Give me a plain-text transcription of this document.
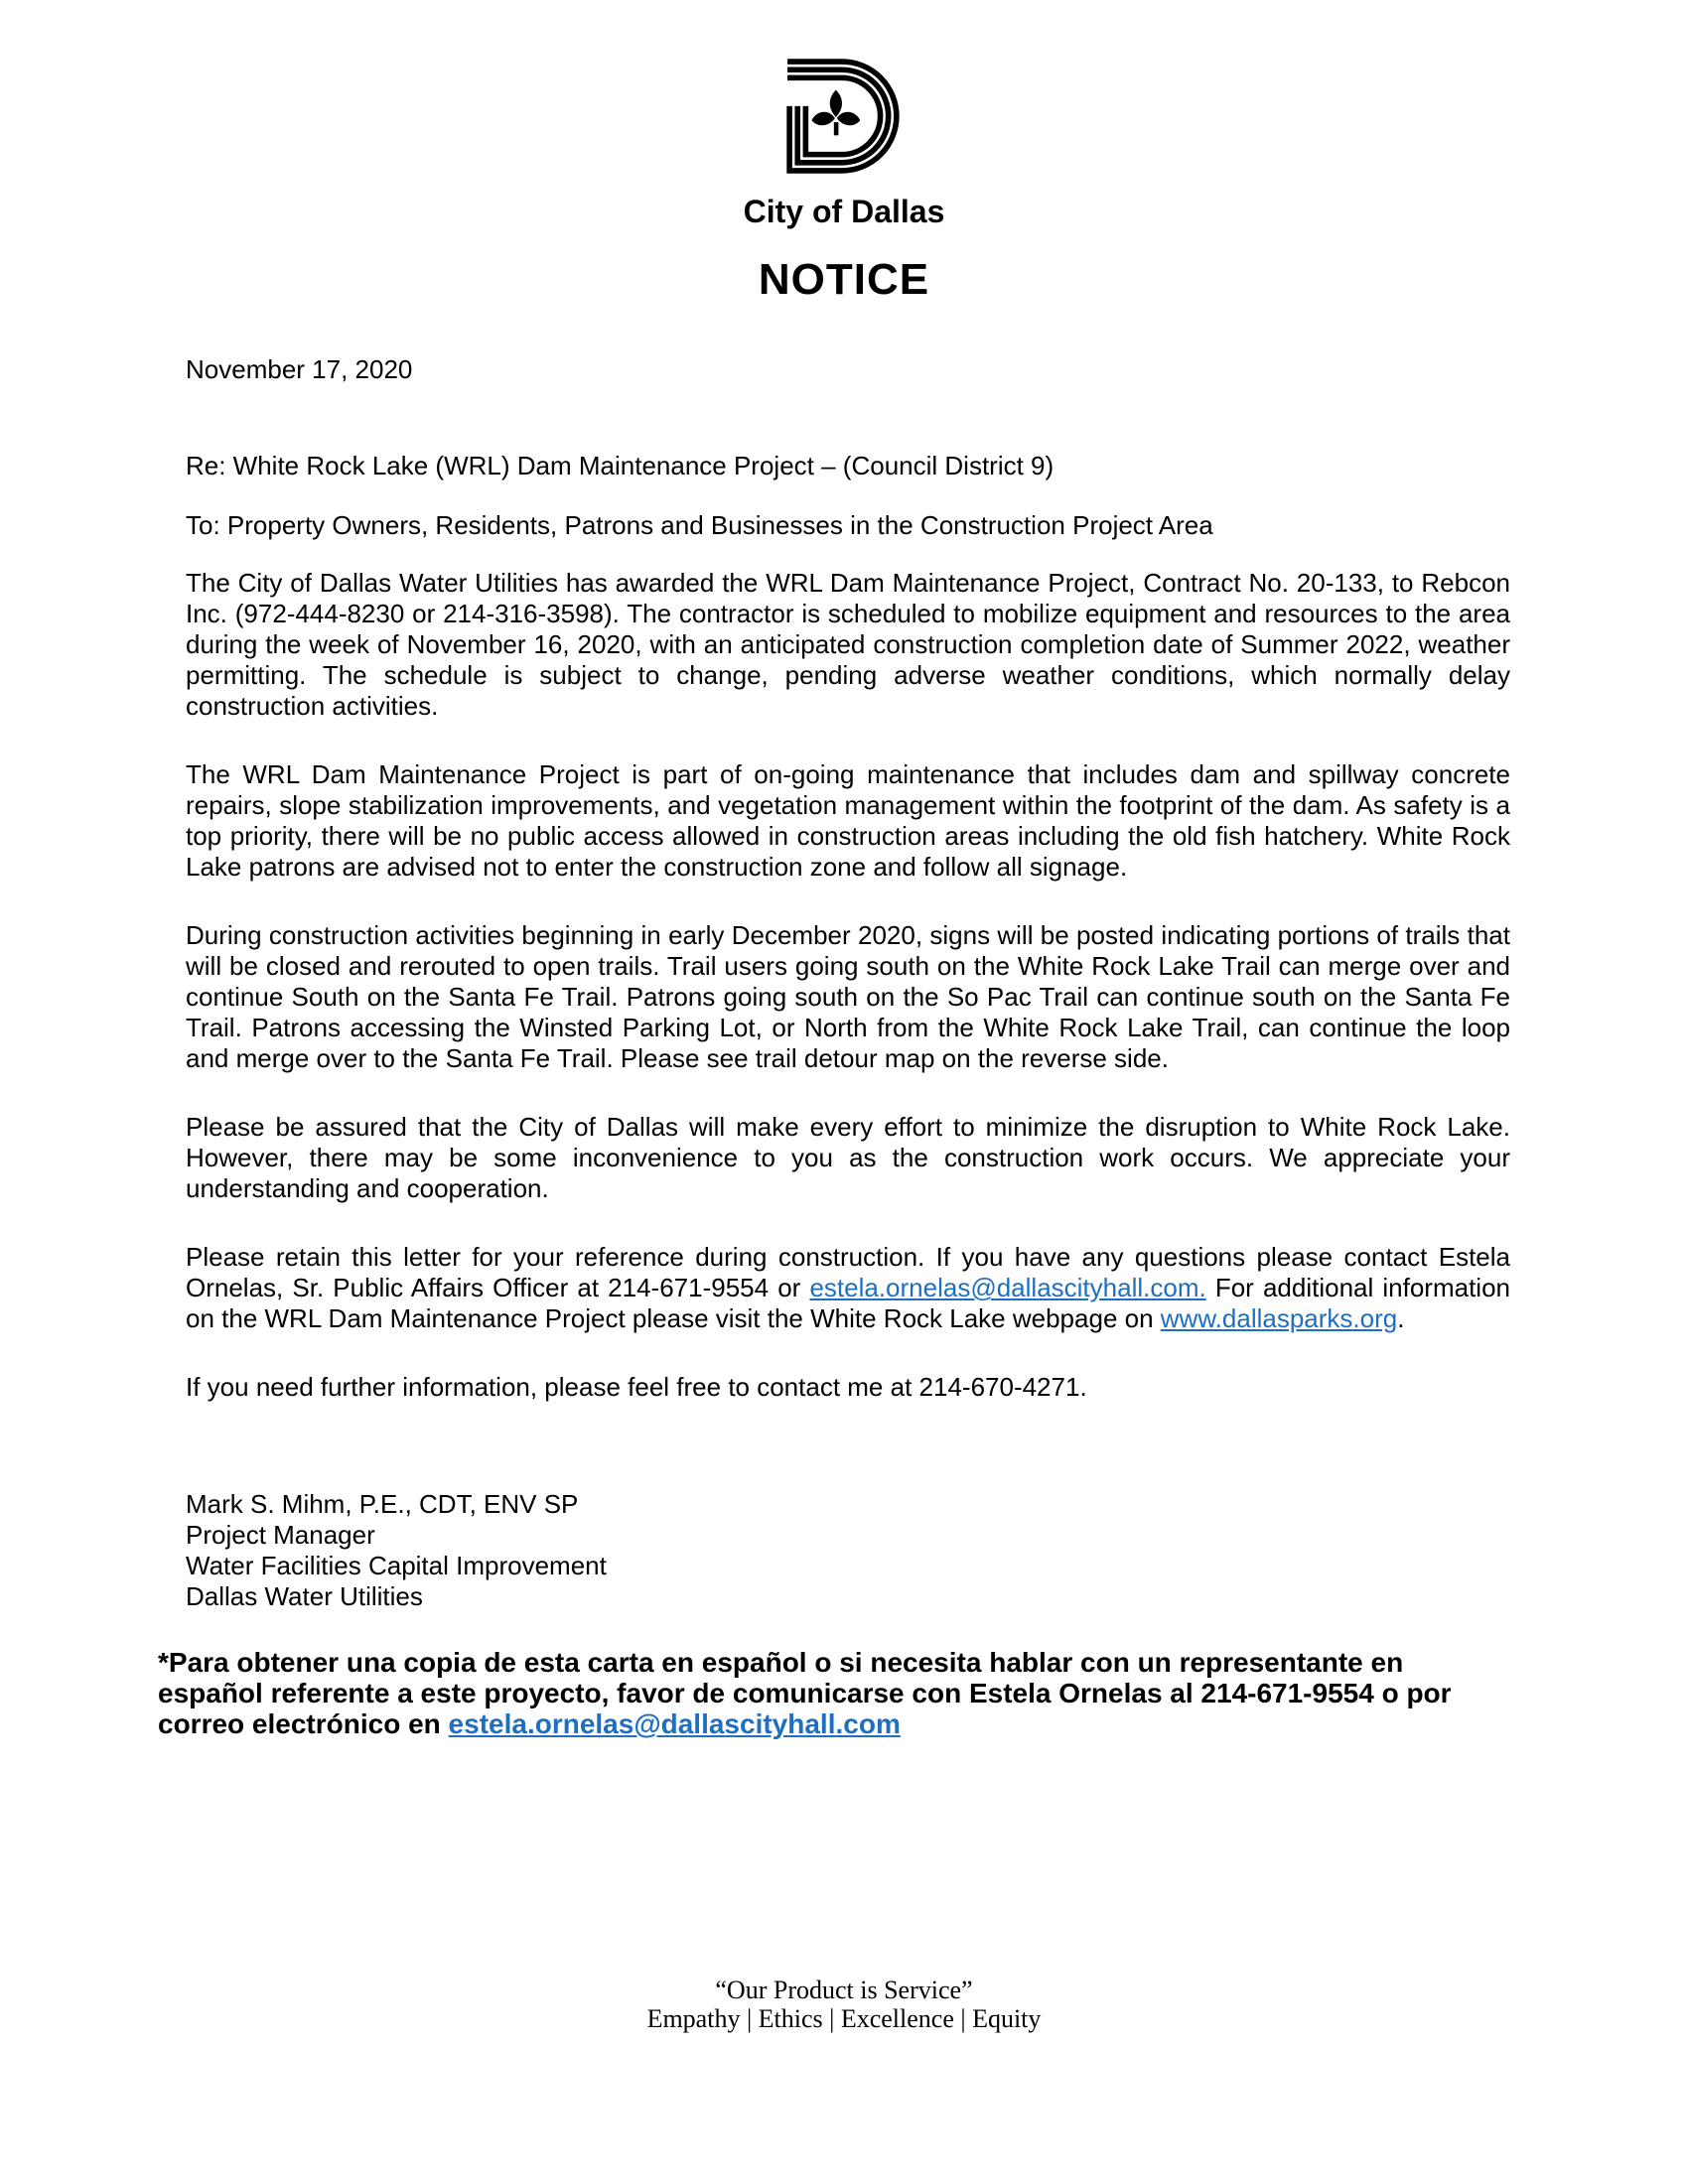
City of Dallas
NOTICE
November 17, 2020
Re: White Rock Lake (WRL) Dam Maintenance Project – (Council District 9)
To: Property Owners, Residents, Patrons and Businesses in the Construction Project Area

The City of Dallas Water Utilities has awarded the WRL Dam Maintenance Project, Contract No. 20-133, to Rebcon Inc. (972-444-8230 or 214-316-3598). The contractor is scheduled to mobilize equipment and resources to the area during the week of November 16, 2020, with an anticipated construction completion date of Summer 2022, weather permitting. The schedule is subject to change, pending adverse weather conditions, which normally delay construction activities.

The WRL Dam Maintenance Project is part of on-going maintenance that includes dam and spillway concrete repairs, slope stabilization improvements, and vegetation management within the footprint of the dam. As safety is a top priority, there will be no public access allowed in construction areas including the old fish hatchery. White Rock Lake patrons are advised not to enter the construction zone and follow all signage.

During construction activities beginning in early December 2020, signs will be posted indicating portions of trails that will be closed and rerouted to open trails. Trail users going south on the White Rock Lake Trail can merge over and continue South on the Santa Fe Trail. Patrons going south on the So Pac Trail can continue south on the Santa Fe Trail. Patrons accessing the Winsted Parking Lot, or North from the White Rock Lake Trail, can continue the loop and merge over to the Santa Fe Trail. Please see trail detour map on the reverse side.

Please be assured that the City of Dallas will make every effort to minimize the disruption to White Rock Lake. However, there may be some inconvenience to you as the construction work occurs. We appreciate your understanding and cooperation.

Please retain this letter for your reference during construction. If you have any questions please contact Estela Ornelas, Sr. Public Affairs Officer at 214-671-9554 or estela.ornelas@dallascityhall.com. For additional information on the WRL Dam Maintenance Project please visit the White Rock Lake webpage on www.dallasparks.org.

If you need further information, please feel free to contact me at 214-670-4271.

Mark S. Mihm, P.E., CDT, ENV SP
Project Manager
Water Facilities Capital Improvement
Dallas Water Utilities

*Para obtener una copia de esta carta en español o si necesita hablar con un representante en español referente a este proyecto, favor de comunicarse con Estela Ornelas al 214-671-9554 o por correo electrónico en estela.ornelas@dallascityhall.com

“Our Product is Service”
Empathy | Ethics | Excellence | Equity
